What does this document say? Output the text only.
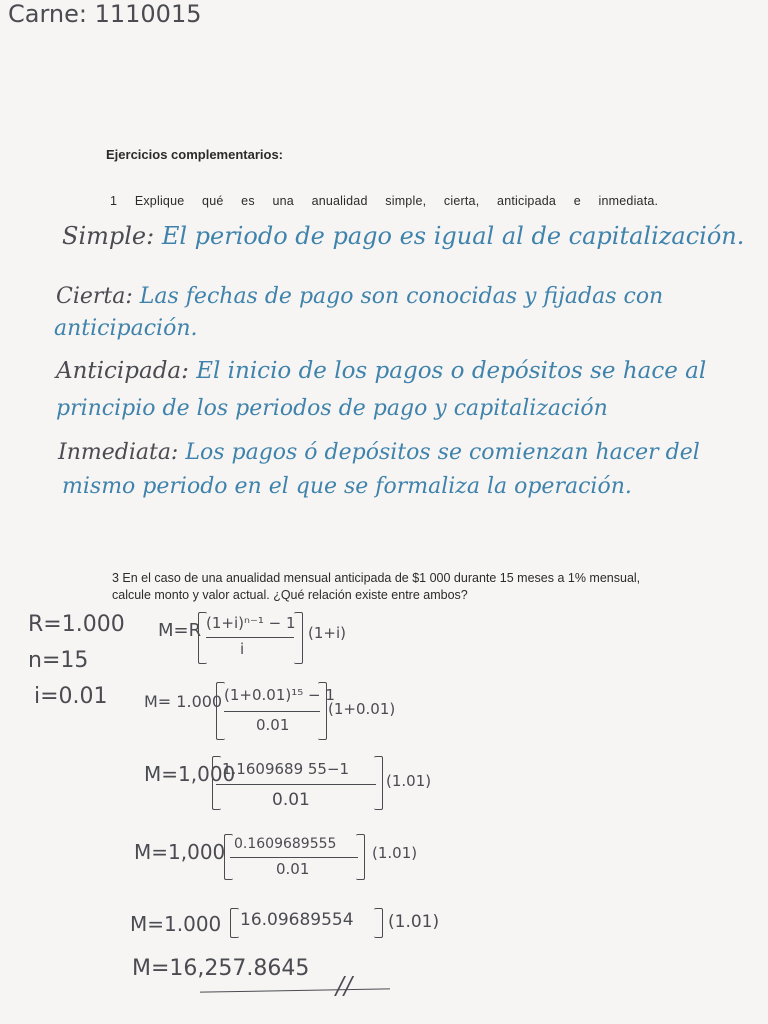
Carne: 1110015
Ejercicios complementarios:
1 Explique qué es una anualidad simple, cierta, anticipada e inmediata.
Simple: El periodo de pago es igual al de capitalización.
Cierta: Las fechas de pago son conocidas y fijadas con
anticipación.
Anticipada: El inicio de los pagos o depósitos se hace al
principio de los periodos de pago y capitalización
Inmediata: Los pagos ó depósitos se comienzan hacer del
mismo periodo en el que se formaliza la operación.
3 En el caso de una anualidad mensual anticipada de $1 000 durante 15 meses a 1% mensual, calcule monto y valor actual. ¿Qué relación existe entre ambos?
R=1.000
n=15
i=0.01
M=R (1+i)ⁿ⁻¹ − 1
i
(1+i)
M= 1.000 (1+0.01)¹⁵ − 1
0.01
(1+0.01)
M=1,000
1.1609689 55−1
0.01
(1.01)
M=1,000 0.1609689555
0.01
(1.01)
M=1.000 16.09689554 (1.01)
M=16,257.8645
//
